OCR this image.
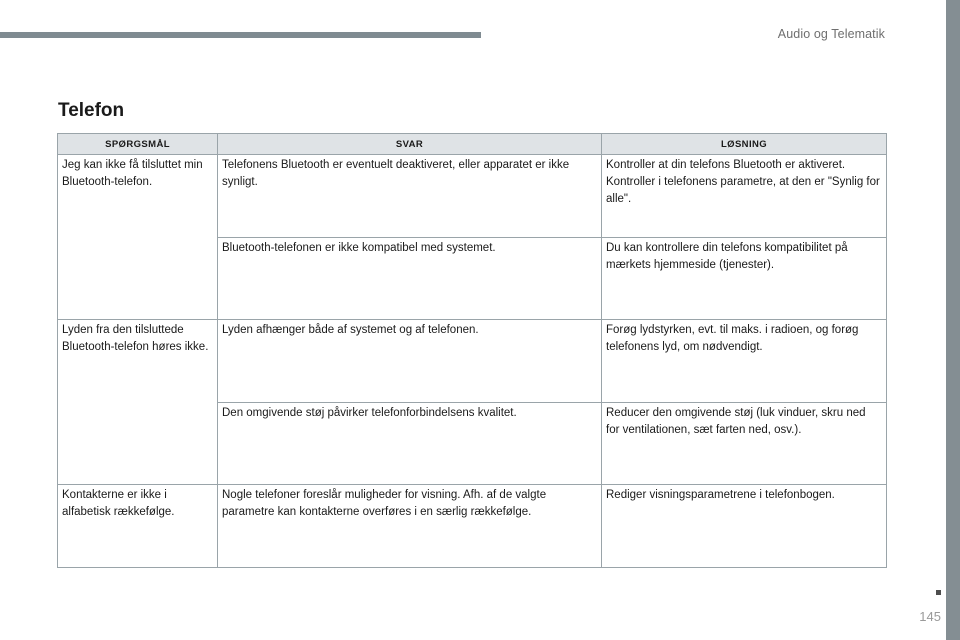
Audio og Telematik
Telefon
SPØRGSMÅL	SVAR	LØSNING
Jeg kan ikke få tilsluttet min Bluetooth-telefon.	Telefonens Bluetooth er eventuelt deaktiveret, eller apparatet er ikke synligt.	Kontroller at din telefons Bluetooth er aktiveret.
Kontroller i telefonens parametre, at den er "Synlig for alle".

	Bluetooth-telefonen er ikke kompatibel med systemet.	Du kan kontrollere din telefons kompatibilitet på mærkets hjemmeside (tjenester).
Lyden fra den tilsluttede Bluetooth-telefon høres ikke.	Lyden afhænger både af systemet og af telefonen.	Forøg lydstyrken, evt. til maks. i radioen, og forøg telefonens lyd, om nødvendigt.
	Den omgivende støj påvirker telefonforbindelsens kvalitet.	Reducer den omgivende støj (luk vinduer, skru ned for ventilationen, sæt farten ned, osv.).
Kontakterne er ikke i alfabetisk rækkefølge.	Nogle telefoner foreslår muligheder for visning. Afh. af de valgte parametre kan kontakterne overføres i en særlig rækkefølge.	Rediger visningsparametrene i telefonbogen.
145
